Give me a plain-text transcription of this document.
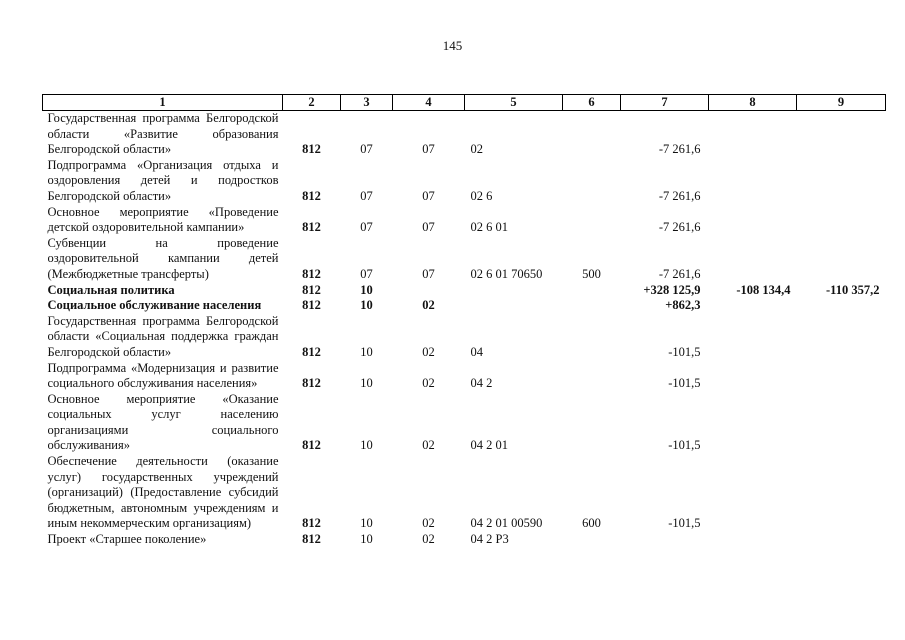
145
1	2	3	4	5	6	7	8	9
Государственная программа Белгородской области «Развитие образования Белгородской области»	812	07	07	02		-7 261,6		
Подпрограмма «Организация отдыха и оздоровления детей и подростков Белгородской области»	812	07	07	02 6		-7 261,6		
Основное мероприятие «Проведение детской оздоровительной кампании»	812	07	07	02 6 01		-7 261,6		
Субвенции на проведение оздоровительной кампании детей (Межбюджетные трансферты)	812	07	07	02 6 01 70650	500	-7 261,6		
Социальная политика	812	10				+328 125,9	-108 134,4	-110 357,2
Социальное обслуживание населения	812	10	02			+862,3		
Государственная программа Белгородской области «Социальная поддержка граждан Белгородской области»	812	10	02	04		-101,5		
Подпрограмма «Модернизация и развитие социального обслуживания населения»	812	10	02	04 2		-101,5		
Основное мероприятие «Оказание социальных услуг населению организациями социального обслуживания»	812	10	02	04 2 01		-101,5		
Обеспечение деятельности (оказание услуг) государственных учреждений (организаций) (Предоставление субсидий бюджетным, автономным учреждениям и иным некоммерческим организациям)	812	10	02	04 2 01 00590	600	-101,5		
Проект «Старшее поколение»	812	10	02	04 2 P3				
